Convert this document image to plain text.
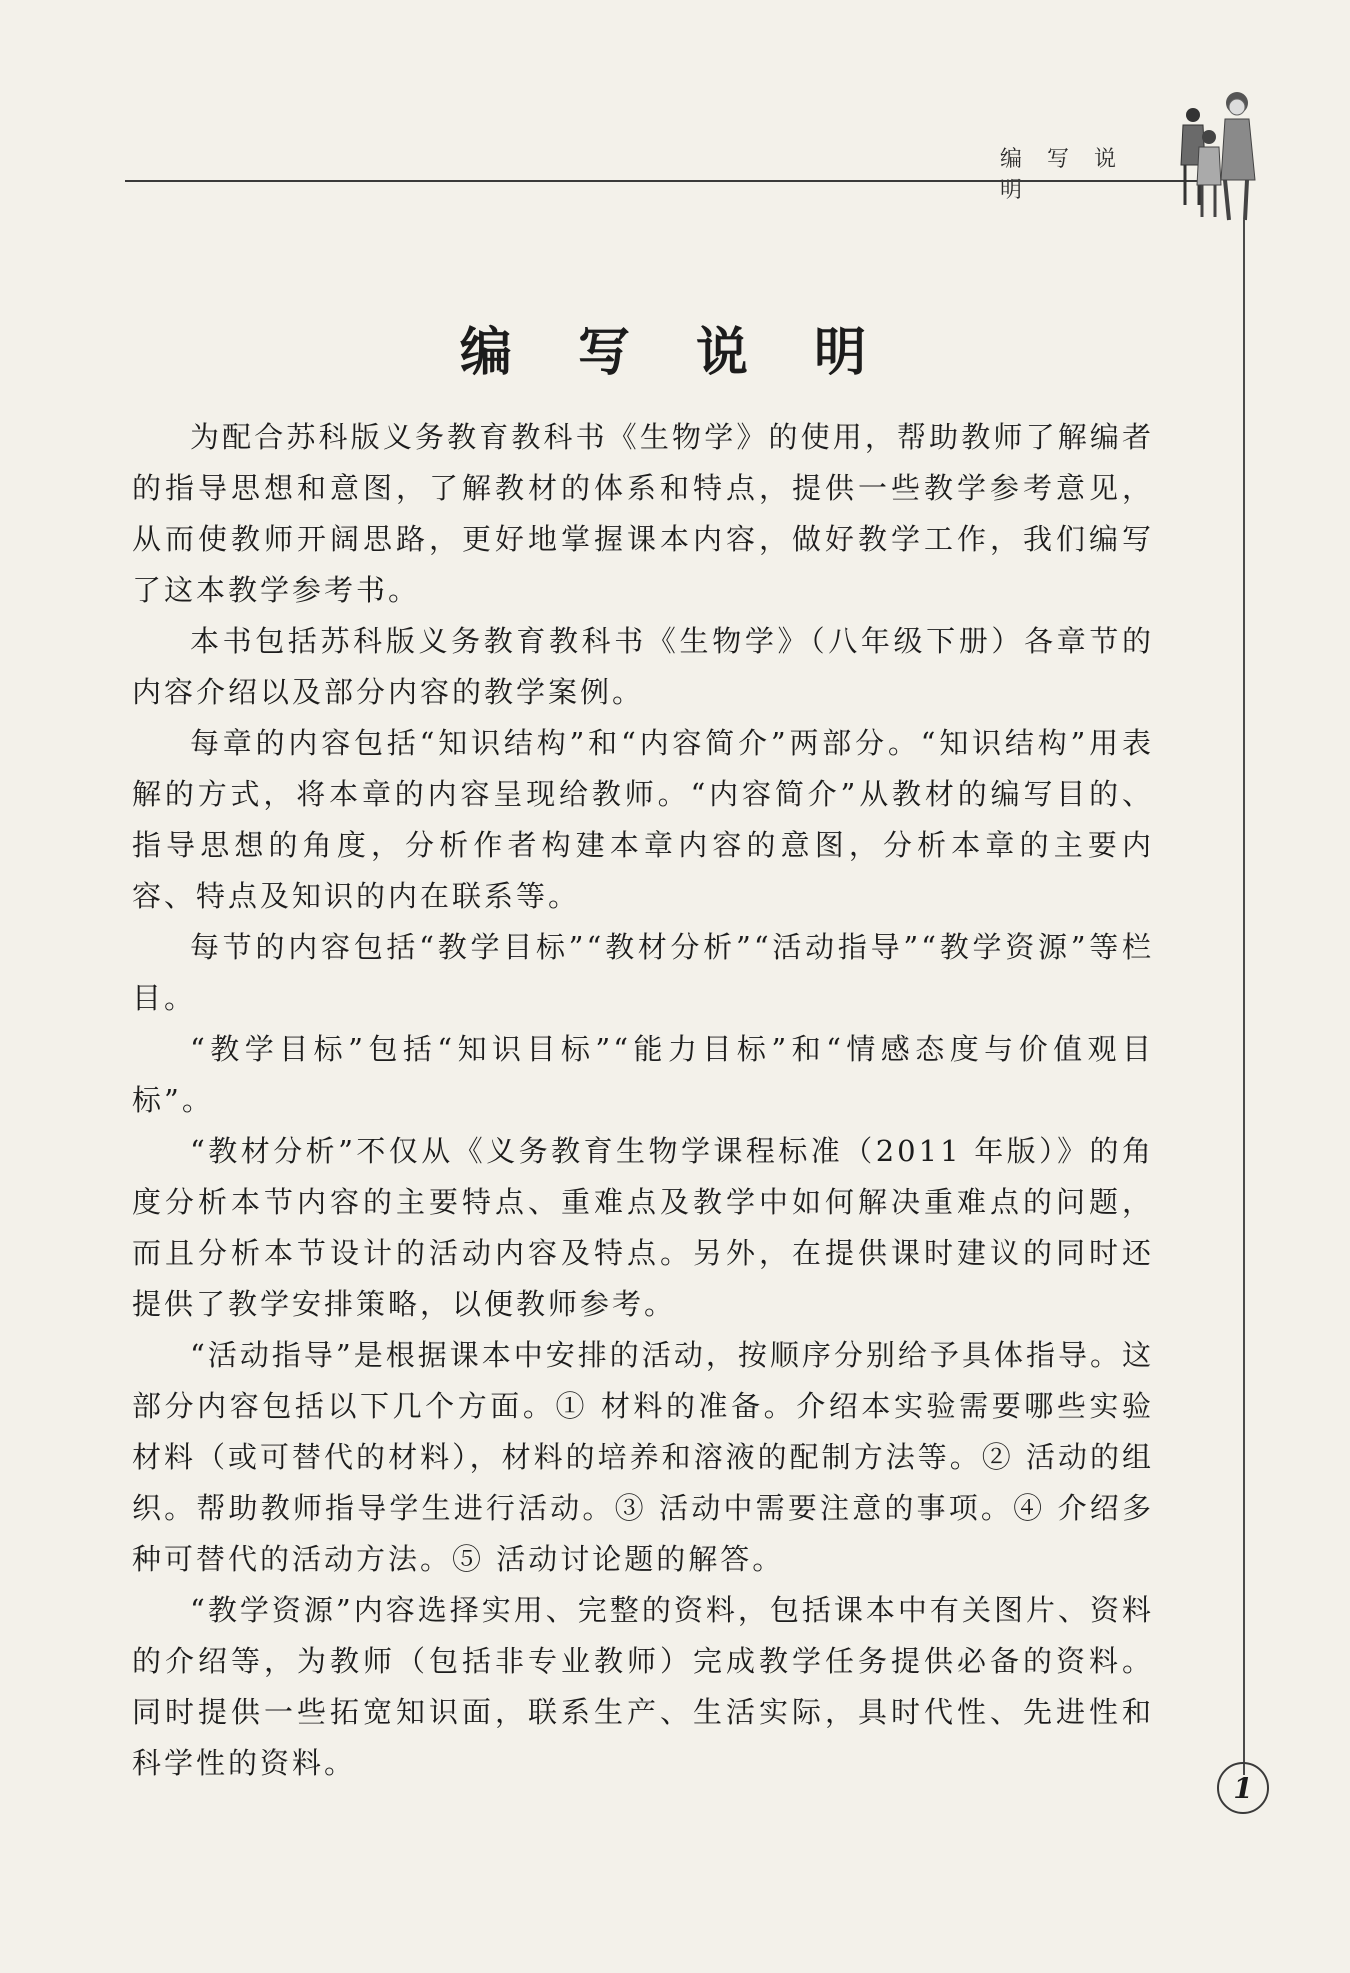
编 写 说 明
编 写 说 明

为配合苏科版义务教育教科书《生物学》的使用，帮助教师了解编者的指导思想和意图，了解教材的体系和特点，提供一些教学参考意见，从而使教师开阔思路，更好地掌握课本内容，做好教学工作，我们编写了这本教学参考书。

本书包括苏科版义务教育教科书《生物学》（八年级下册）各章节的内容介绍以及部分内容的教学案例。

每章的内容包括“知识结构”和“内容简介”两部分。“知识结构”用表解的方式，将本章的内容呈现给教师。“内容简介”从教材的编写目的、指导思想的角度，分析作者构建本章内容的意图，分析本章的主要内容、特点及知识的内在联系等。

每节的内容包括“教学目标”“教材分析”“活动指导”“教学资源”等栏目。

“教学目标”包括“知识目标”“能力目标”和“情感态度与价值观目标”。

“教材分析”不仅从《义务教育生物学课程标准（2011 年版）》的角度分析本节内容的主要特点、重难点及教学中如何解决重难点的问题，而且分析本节设计的活动内容及特点。另外，在提供课时建议的同时还提供了教学安排策略，以便教师参考。

“活动指导”是根据课本中安排的活动，按顺序分别给予具体指导。这部分内容包括以下几个方面。① 材料的准备。介绍本实验需要哪些实验材料（或可替代的材料），材料的培养和溶液的配制方法等。② 活动的组织。帮助教师指导学生进行活动。③ 活动中需要注意的事项。④ 介绍多种可替代的活动方法。⑤ 活动讨论题的解答。

“教学资源”内容选择实用、完整的资料，包括课本中有关图片、资料的介绍等，为教师（包括非专业教师）完成教学任务提供必备的资料。同时提供一些拓宽知识面，联系生产、生活实际，具时代性、先进性和科学性的资料。

1
